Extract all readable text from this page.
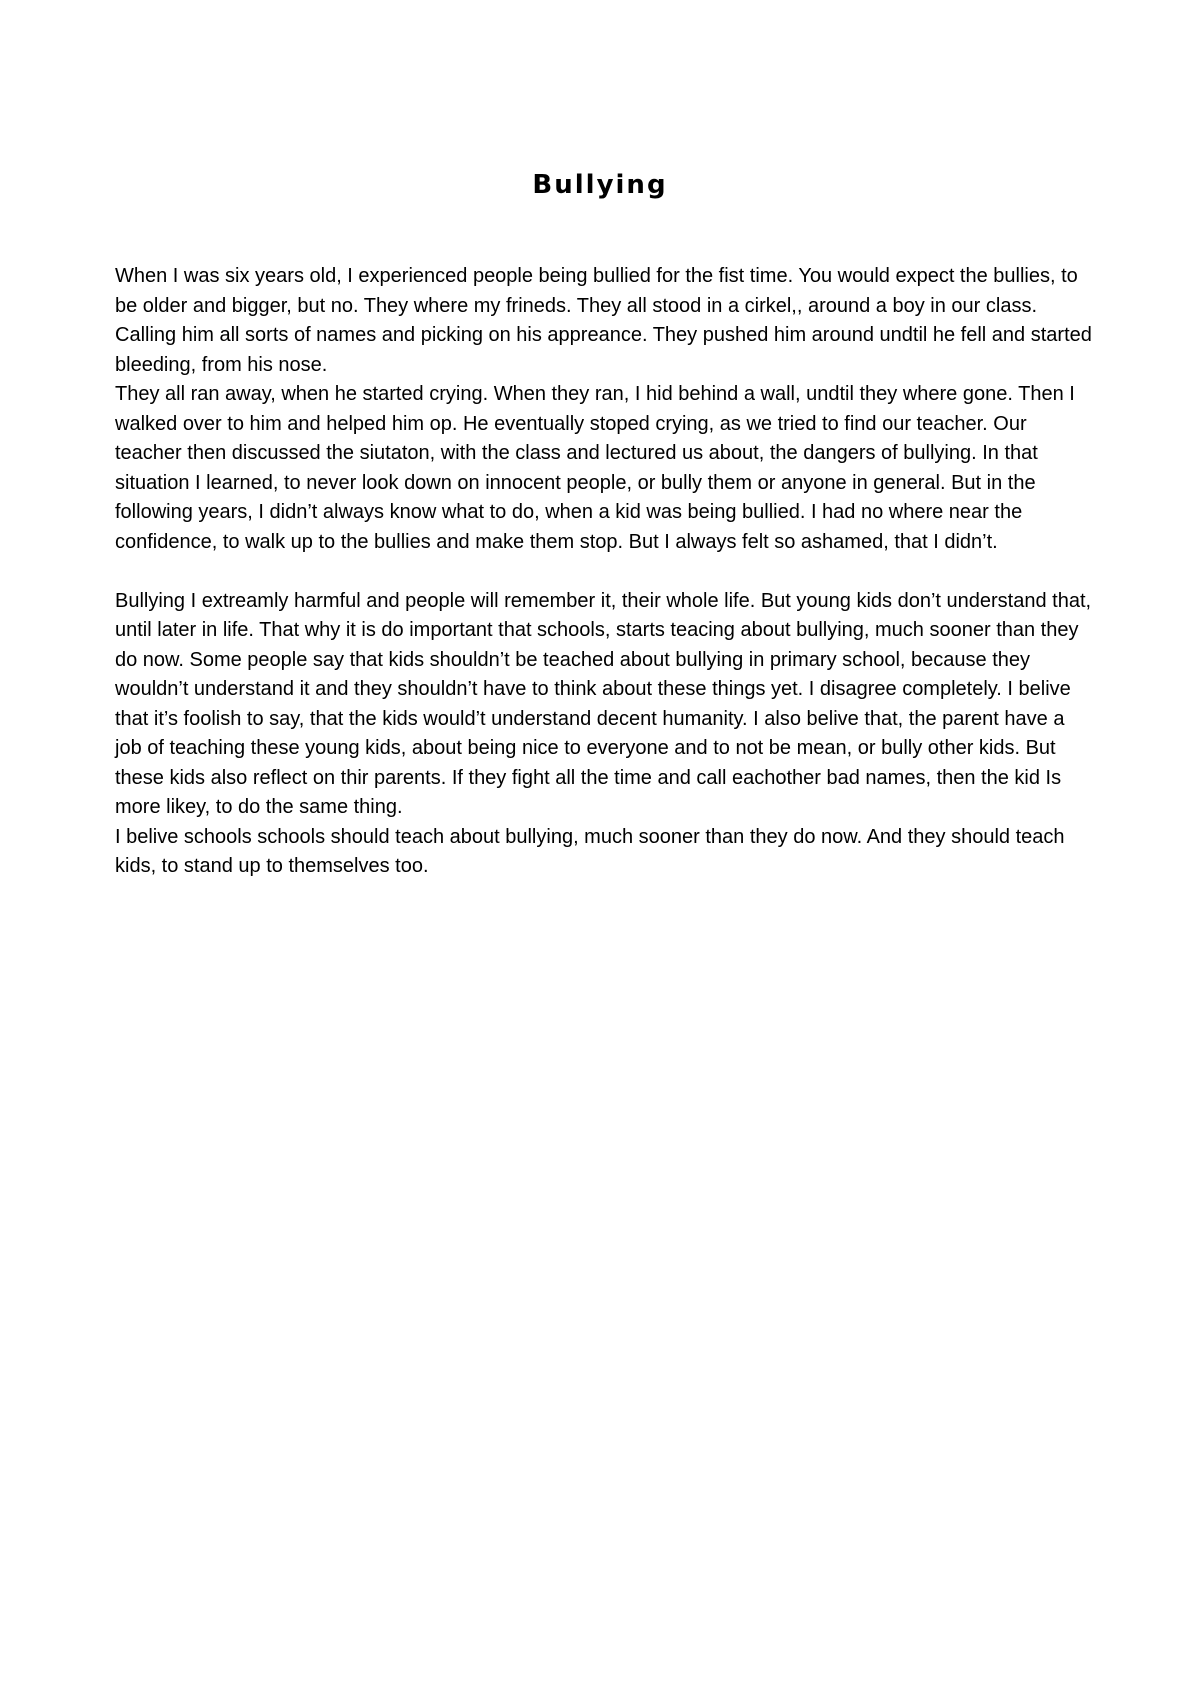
Bullying

When I was six years old, I experienced people being bullied for the fist time. You would expect the bullies, to be older and bigger, but no. They where my frineds. They all stood in a cirkel,, around a boy in our class. Calling him all sorts of names and picking on his appreance. They pushed him around undtil he fell and started bleeding, from his nose.

They all ran away, when he started crying. When they ran, I hid behind a wall, undtil they where gone. Then I walked over to him and helped him op. He eventually stoped crying, as we tried to find our teacher. Our teacher then discussed the siutaton, with the class and lectured us about, the dangers of bullying. In that situation I learned, to never look down on innocent people, or bully them or anyone in general. But in the following years, I didn’t always know what to do, when a kid was being bullied. I had no where near the confidence, to walk up to the bullies and make them stop. But I always felt so ashamed, that I didn’t.

Bullying I extreamly harmful and people will remember it, their whole life. But young kids don’t understand that, until later in life. That why it is do important that schools, starts teacing about bullying, much sooner than they do now. Some people say that kids shouldn’t be teached about bullying in primary school, because they wouldn’t understand it and they shouldn’t have to think about these things yet. I disagree completely. I belive that it’s foolish to say, that the kids would’t understand decent humanity. I also belive that, the parent have a job of teaching these young kids, about being nice to everyone and to not be mean, or bully other kids. But these kids also reflect on thir parents. If they fight all the time and call eachother bad names, then the kid Is more likey, to do the same thing.

I belive schools schools should teach about bullying, much sooner than they do now. And they should teach kids, to stand up to themselves too.
